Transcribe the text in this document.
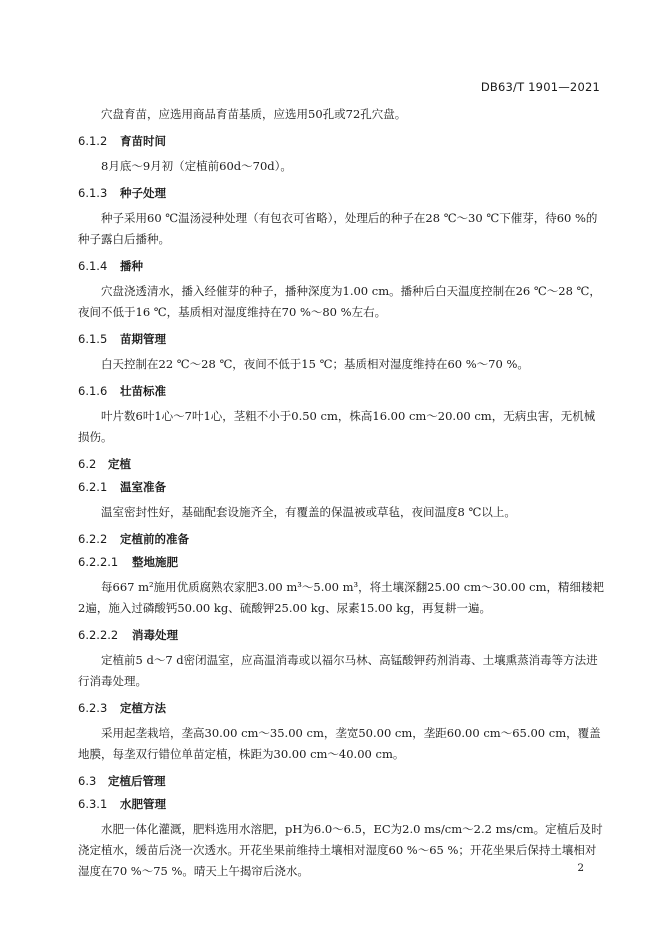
DB63/T 1901—2021

穴盘育苗，应选用商品育苗基质，应选用50孔或72孔穴盘。

6.1.2 育苗时间

8月底～9月初（定植前60d～70d）。

6.1.3 种子处理

种子采用60 ℃温汤浸种处理（有包衣可省略），处理后的种子在28 ℃～30 ℃下催芽，待60 %的种子露白后播种。

6.1.4 播种

穴盘浇透清水，播入经催芽的种子，播种深度为1.00 cm。播种后白天温度控制在26 ℃～28 ℃，夜间不低于16 ℃，基质相对湿度维持在70 %～80 %左右。

6.1.5 苗期管理

白天控制在22 ℃～28 ℃，夜间不低于15 ℃；基质相对湿度维持在60 %～70 %。

6.1.6 壮苗标准

叶片数6叶1心～7叶1心，茎粗不小于0.50 cm，株高16.00 cm～20.00 cm，无病虫害，无机械损伤。

6.2 定植
6.2.1 温室准备

温室密封性好，基础配套设施齐全，有覆盖的保温被或草毡，夜间温度8 ℃以上。

6.2.2 定植前的准备
6.2.2.1 整地施肥

每667 m²施用优质腐熟农家肥3.00 m³～5.00 m³，将土壤深翻25.00 cm～30.00 cm，精细耧耙2遍，施入过磷酸钙50.00 kg、硫酸钾25.00 kg、尿素15.00 kg，再复耕一遍。

6.2.2.2 消毒处理

定植前5 d～7 d密闭温室，应高温消毒或以福尔马林、高锰酸钾药剂消毒、土壤熏蒸消毒等方法进行消毒处理。

6.2.3 定植方法

采用起垄栽培，垄高30.00 cm～35.00 cm，垄宽50.00 cm，垄距60.00 cm～65.00 cm，覆盖地膜，每垄双行错位单苗定植，株距为30.00 cm～40.00 cm。

6.3 定植后管理
6.3.1 水肥管理

水肥一体化灌溉，肥料选用水溶肥，pH为6.0～6.5，EC为2.0 ms/cm～2.2 ms/cm。定植后及时浇定植水，缓苗后浇一次透水。开花坐果前维持土壤相对湿度60 %～65 %；开花坐果后保持土壤相对湿度在70 %～75 %。晴天上午揭帘后浇水。	2
